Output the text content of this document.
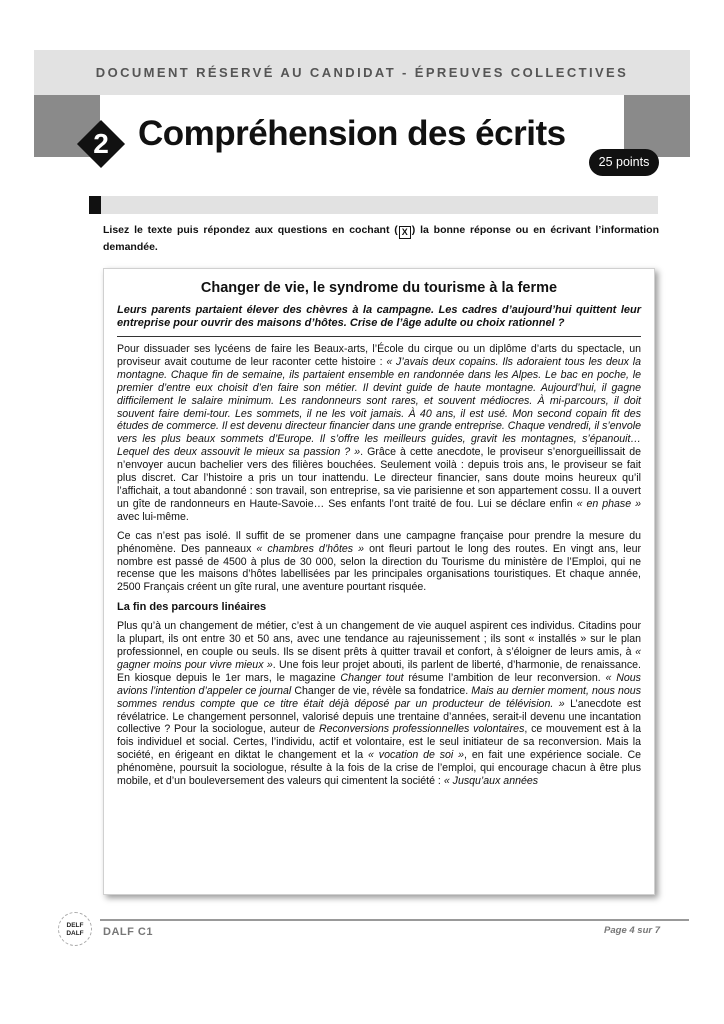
DOCUMENT RÉSERVÉ AU CANDIDAT - ÉPREUVES COLLECTIVES
2 Compréhension des écrits
25 points
Lisez le texte puis répondez aux questions en cochant ( X ) la bonne réponse ou en écrivant l’information demandée.
Changer de vie, le syndrome du tourisme à la ferme

Leurs parents partaient élever des chèvres à la campagne. Les cadres d’aujourd’hui quittent leur entreprise pour ouvrir des maisons d’hôtes. Crise de l’âge adulte ou choix rationnel ?

Pour dissuader ses lycéens de faire les Beaux-arts, l’École du cirque ou un diplôme d’arts du spectacle, un proviseur avait coutume de leur raconter cette histoire : « J’avais deux copains. Ils adoraient tous les deux la montagne. Chaque fin de semaine, ils partaient ensemble en randonnée dans les Alpes. Le bac en poche, le premier d’entre eux choisit d’en faire son métier. Il devint guide de haute montagne. Aujourd’hui, il gagne difficilement le salaire minimum. Les randonneurs sont rares, et souvent médiocres. À mi-parcours, il doit souvent faire demi-tour. Les sommets, il ne les voit jamais. À 40 ans, il est usé. Mon second copain fit des études de commerce. Il est devenu directeur financier dans une grande entreprise. Chaque vendredi, il s’envole vers les plus beaux sommets d’Europe. Il s’offre les meilleurs guides, gravit les montagnes, s’épanouit… Lequel des deux assouvit le mieux sa passion ? ». Grâce à cette anecdote, le proviseur s’enorgueillissait de n’envoyer aucun bachelier vers des filières bouchées. Seulement voilà : depuis trois ans, le proviseur se fait plus discret. Car l’histoire a pris un tour inattendu. Le directeur financier, sans doute moins heureux qu’il l’affichait, a tout abandonné : son travail, son entreprise, sa vie parisienne et son appartement cossu. Il a ouvert un gîte de randonneurs en Haute-Savoie… Ses enfants l’ont traité de fou. Lui se déclare enfin « en phase » avec lui-même.

Ce cas n’est pas isolé. Il suffit de se promener dans une campagne française pour prendre la mesure du phénomène. Des panneaux « chambres d’hôtes » ont fleuri partout le long des routes. En vingt ans, leur nombre est passé de 4500 à plus de 30 000, selon la direction du Tourisme du ministère de l’Emploi, qui ne recense que les maisons d’hôtes labellisées par les principales organisations touristiques. Et chaque année, 2500 Français créent un gîte rural, une aventure pourtant risquée.

La fin des parcours linéaires

Plus qu’à un changement de métier, c’est à un changement de vie auquel aspirent ces individus. Citadins pour la plupart, ils ont entre 30 et 50 ans, avec une tendance au rajeunissement ; ils sont « installés » sur le plan professionnel, en couple ou seuls. Ils se disent prêts à quitter travail et confort, à s’éloigner de leurs amis, à « gagner moins pour vivre mieux ». Une fois leur projet abouti, ils parlent de liberté, d’harmonie, de renaissance. En kiosque depuis le 1er mars, le magazine Changer tout résume l’ambition de leur reconversion. « Nous avions l’intention d’appeler ce journal Changer de vie, révèle sa fondatrice. Mais au dernier moment, nous nous sommes rendus compte que ce titre était déjà déposé par un producteur de télévision. » L’anecdote est révélatrice. Le changement personnel, valorisé depuis une trentaine d’années, serait-il devenu une incantation collective ? Pour la sociologue, auteur de Reconversions professionnelles volontaires, ce mouvement est à la fois individuel et social. Certes, l’individu, actif et volontaire, est le seul initiateur de sa reconversion. Mais la société, en érigeant en diktat le changement et la « vocation de soi », en fait une expérience sociale. Ce phénomène, poursuit la sociologue, résulte à la fois de la crise de l’emploi, qui encourage chacun à être plus mobile, et d’un bouleversement des valeurs qui cimentent la société : « Jusqu’aux années

DELF DALF	DALF C1	Page 4 sur 7
